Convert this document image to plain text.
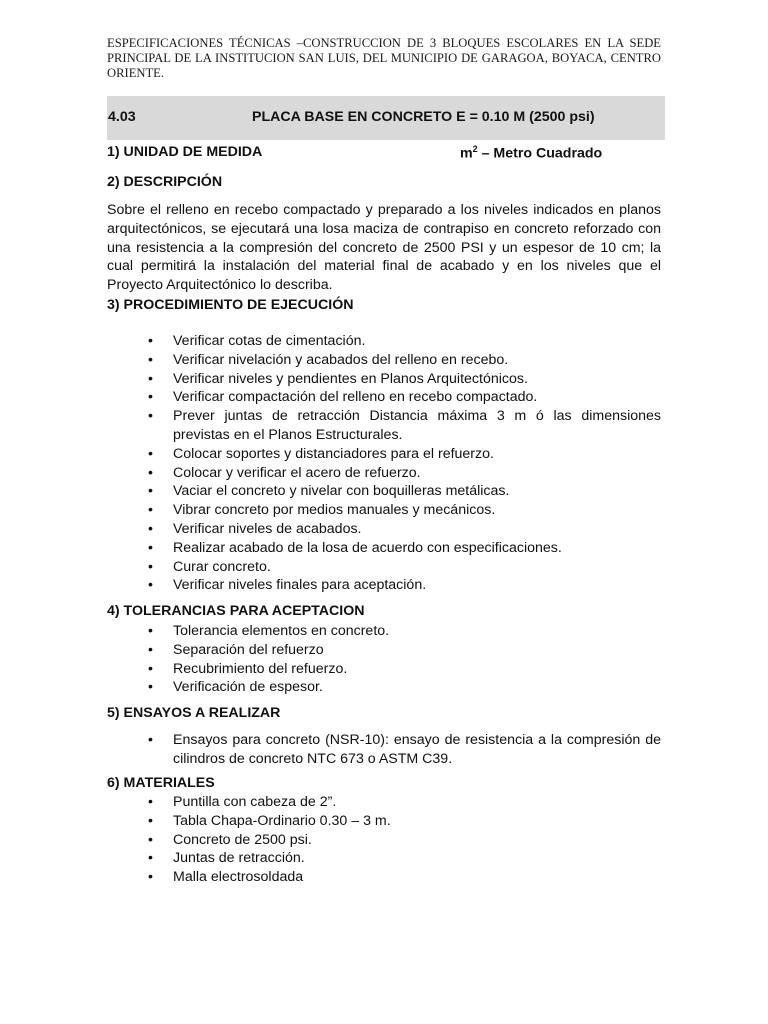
ESPECIFICACIONES TÉCNICAS –CONSTRUCCION DE 3 BLOQUES ESCOLARES EN LA SEDE PRINCIPAL DE LA INSTITUCION SAN LUIS, DEL MUNICIPIO DE GARAGOA, BOYACA, CENTRO ORIENTE.

4.03	PLACA BASE EN CONCRETO E = 0.10 M (2500 psi)
1) UNIDAD DE MEDIDA	$m^2$ – Metro Cuadrado
2) DESCRIPCIÓN

Sobre el relleno en recebo compactado y preparado a los niveles indicados en planos arquitectónicos, se ejecutará una losa maciza de contrapiso en concreto reforzado con una resistencia a la compresión del concreto de 2500 PSI y un espesor de 10 cm; la cual permitirá la instalación del material final de acabado y en los niveles que el Proyecto Arquitectónico lo describa.

3) PROCEDIMIENTO DE EJECUCIÓN
• Verificar cotas de cimentación.
• Verificar nivelación y acabados del relleno en recebo.
• Verificar niveles y pendientes en Planos Arquitectónicos.
• Verificar compactación del relleno en recebo compactado.
• Prever juntas de retracción Distancia máxima 3 m ó las dimensiones previstas en el Planos Estructurales.
• Colocar soportes y distanciadores para el refuerzo.
• Colocar y verificar el acero de refuerzo.
• Vaciar el concreto y nivelar con boquilleras metálicas.
• Vibrar concreto por medios manuales y mecánicos.
• Verificar niveles de acabados.
• Realizar acabado de la losa de acuerdo con especificaciones.
• Curar concreto.
• Verificar niveles finales para aceptación.
4) TOLERANCIAS PARA ACEPTACION
• Tolerancia elementos en concreto.
• Separación del refuerzo
• Recubrimiento del refuerzo.
• Verificación de espesor.
5) ENSAYOS A REALIZAR
• Ensayos para concreto (NSR-10): ensayo de resistencia a la compresión de cilindros de concreto NTC 673 o ASTM C39.
6) MATERIALES
• Puntilla con cabeza de 2”.
• Tabla Chapa-Ordinario 0.30 – 3 m.
• Concreto de 2500 psi.
• Juntas de retracción.
• Malla electrosoldada
